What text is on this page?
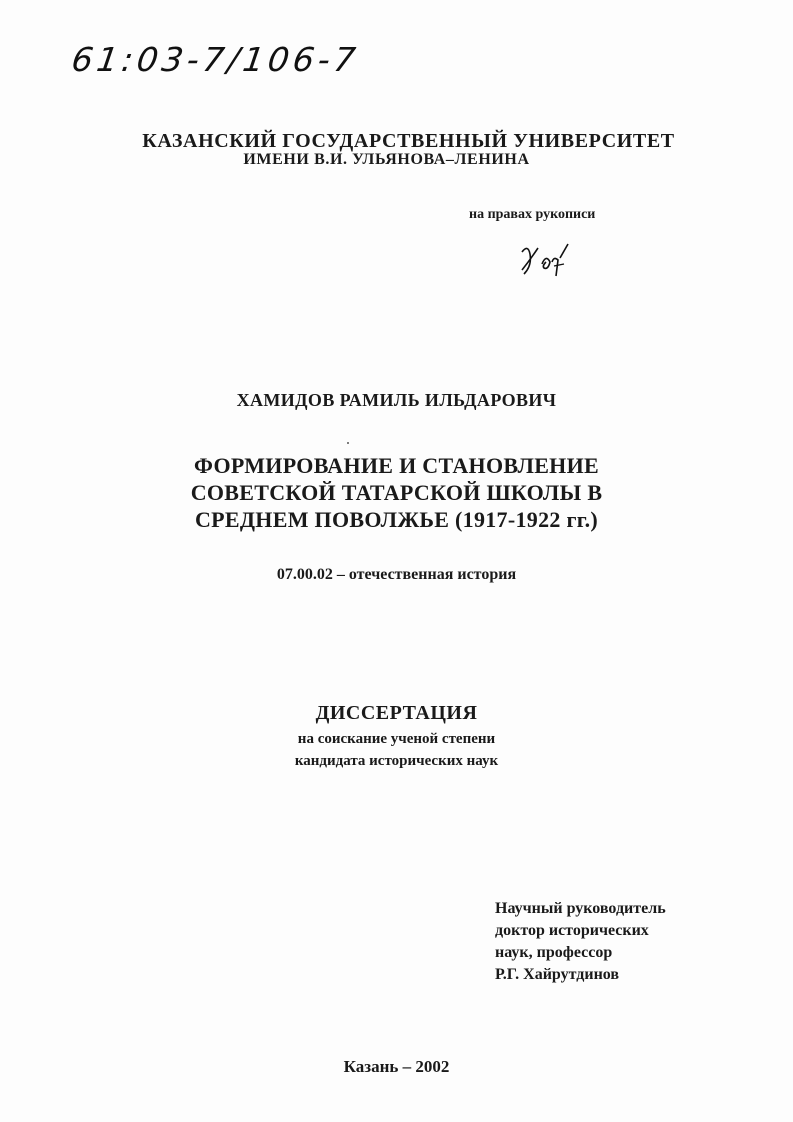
61:03-7/106-7
КАЗАНСКИЙ ГОСУДАРСТВЕННЫЙ УНИВЕРСИТЕТ
ИМЕНИ В.И. УЛЬЯНОВА–ЛЕНИНА
на правах рукописи
ХАМИДОВ РАМИЛЬ ИЛЬДАРОВИЧ
ФОРМИРОВАНИЕ И СТАНОВЛЕНИЕ
СОВЕТСКОЙ ТАТАРСКОЙ ШКОЛЫ В
СРЕДНЕМ ПОВОЛЖЬЕ (1917-1922 гг.)
07.00.02 – отечественная история
ДИССЕРТАЦИЯ
на соискание ученой степени
кандидата исторических наук
Научный руководитель
доктор исторических
наук, профессор
Р.Г. Хайрутдинов
Казань – 2002
